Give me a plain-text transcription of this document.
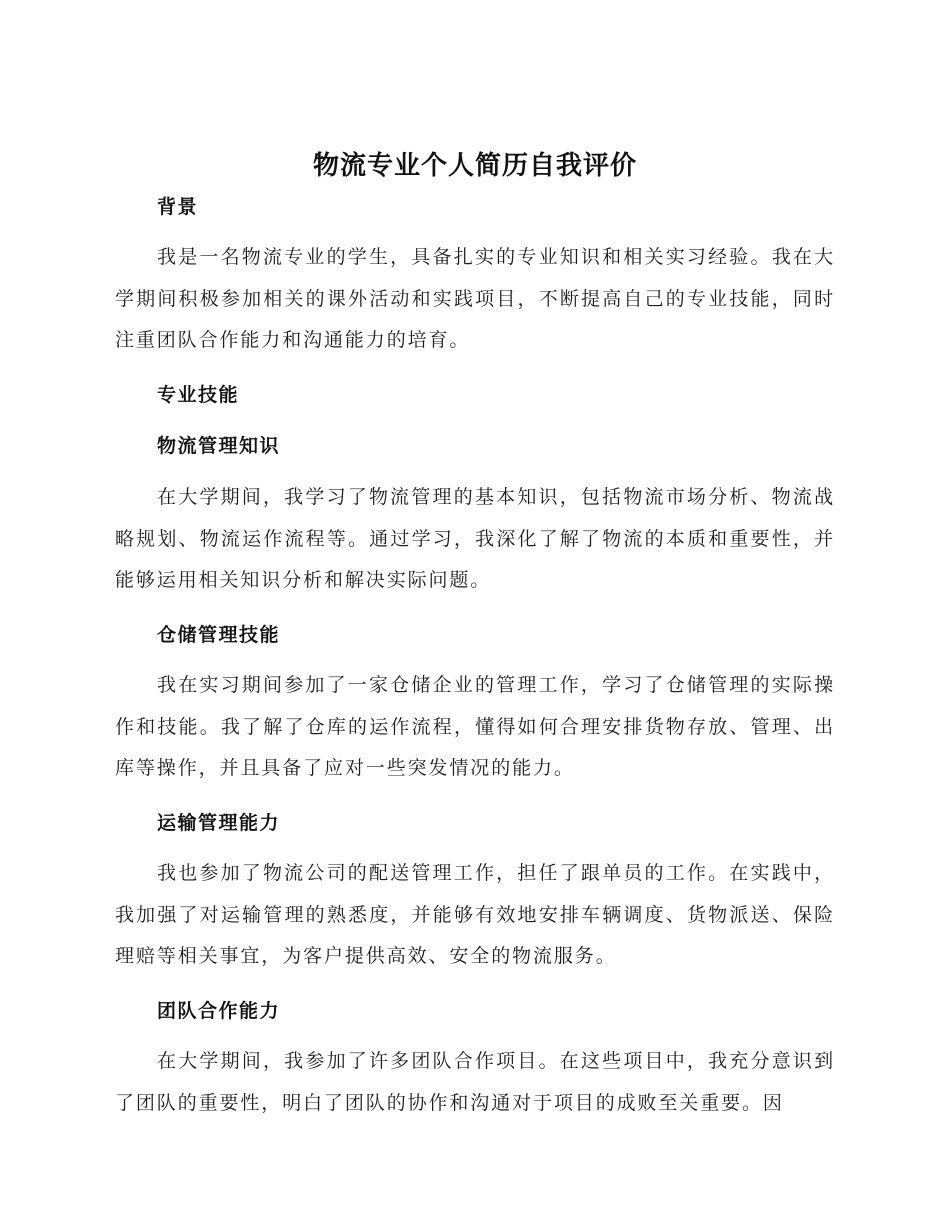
物流专业个人简历自我评价
背景
我是一名物流专业的学生，具备扎实的专业知识和相关实习经验。我在大学期间积极参加相关的课外活动和实践项目，不断提高自己的专业技能，同时注重团队合作能力和沟通能力的培育。
专业技能
物流管理知识
在大学期间，我学习了物流管理的基本知识，包括物流市场分析、物流战略规划、物流运作流程等。通过学习，我深化了解了物流的本质和重要性，并能够运用相关知识分析和解决实际问题。
仓储管理技能
我在实习期间参加了一家仓储企业的管理工作，学习了仓储管理的实际操作和技能。我了解了仓库的运作流程，懂得如何合理安排货物存放、管理、出库等操作，并且具备了应对一些突发情况的能力。
运输管理能力
我也参加了物流公司的配送管理工作，担任了跟单员的工作。在实践中，我加强了对运输管理的熟悉度，并能够有效地安排车辆调度、货物派送、保险理赔等相关事宜，为客户提供高效、安全的物流服务。
团队合作能力
在大学期间，我参加了许多团队合作项目。在这些项目中，我充分意识到了团队的重要性，明白了团队的协作和沟通对于项目的成败至关重要。因
